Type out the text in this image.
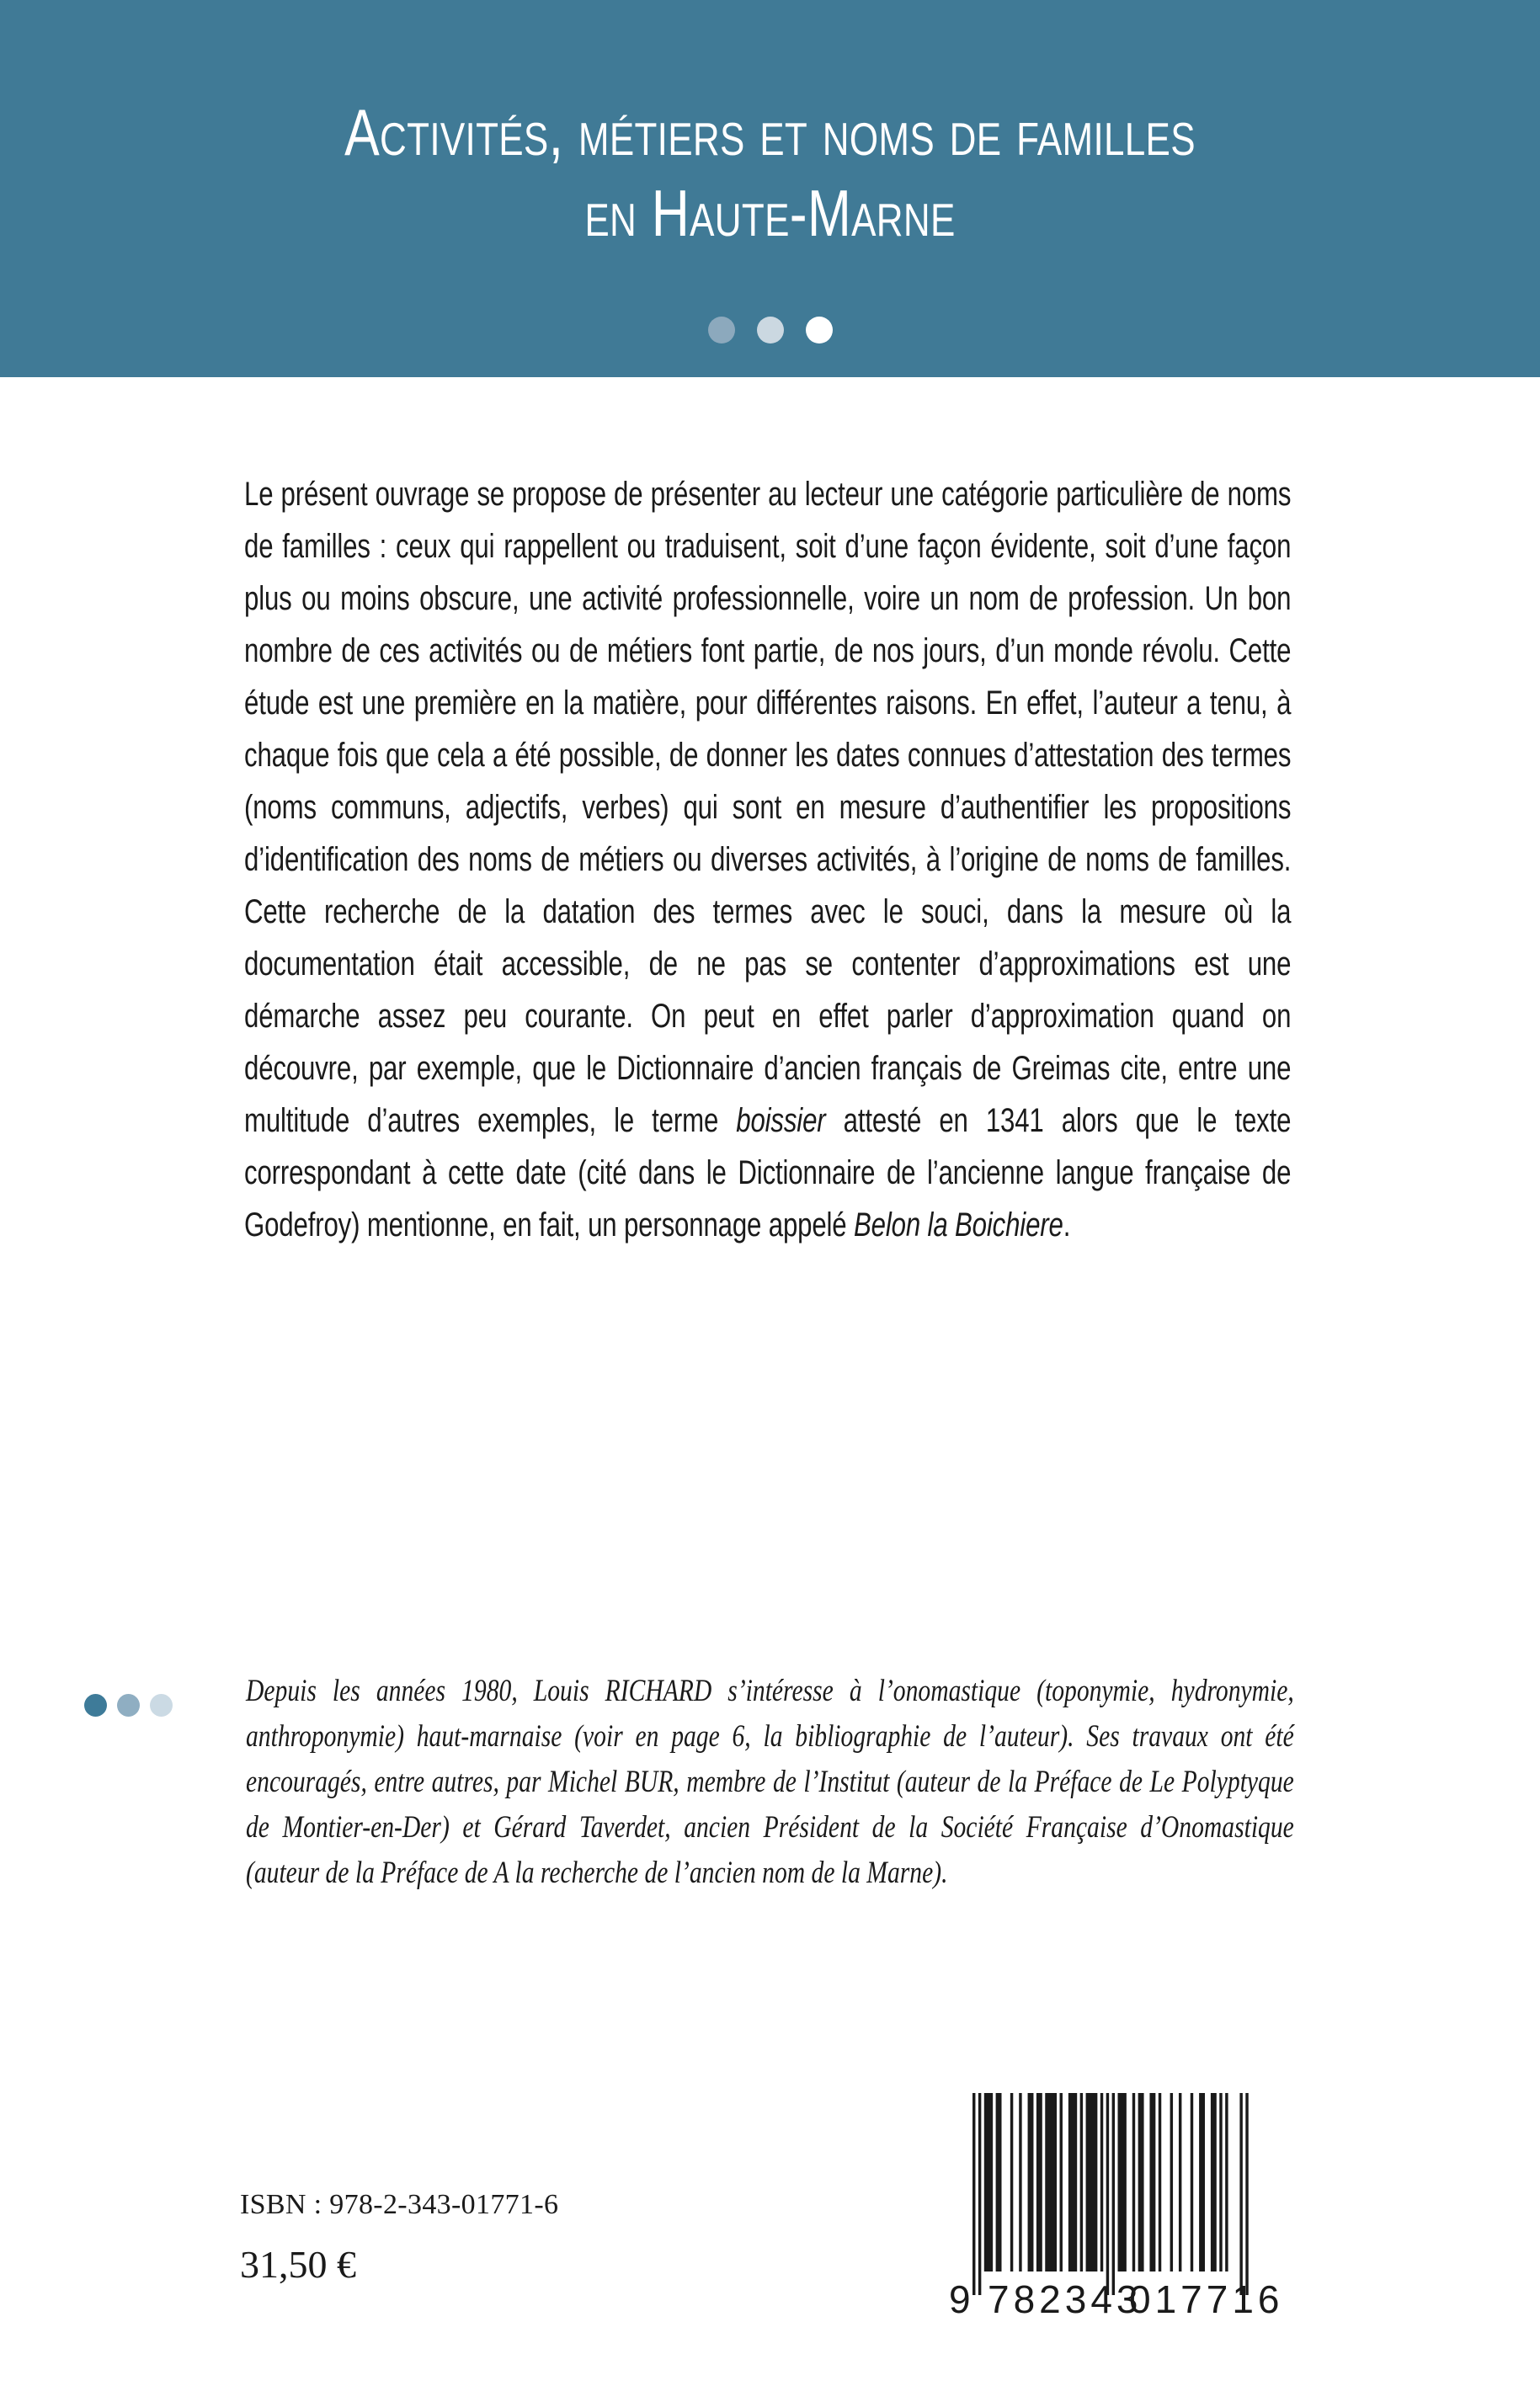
Activités, métiers et noms de familles
en Haute-Marne
Le présent ouvrage se propose de présenter au lecteur une catégorie particulière de noms de familles : ceux qui rappellent ou traduisent, soit d’une façon évidente, soit d’une façon plus ou moins obscure, une activité professionnelle, voire un nom de profession. Un bon nombre de ces activités ou de métiers font partie, de nos jours, d’un monde révolu. Cette étude est une première en la matière, pour différentes raisons. En effet, l’auteur a tenu, à chaque fois que cela a été possible, de donner les dates connues d’attestation des termes (noms communs, adjectifs, verbes) qui sont en mesure d’authentifier les propositions d’identification des noms de métiers ou diverses activités, à l’origine de noms de familles. Cette recherche de la datation des termes avec le souci, dans la mesure où la documentation était accessible, de ne pas se contenter d’approximations est une démarche assez peu courante. On peut en effet parler d’approximation quand on découvre, par exemple, que le Dictionnaire d’ancien français de Greimas cite, entre une multitude d’autres exemples, le terme boissier attesté en 1341 alors que le texte correspondant à cette date (cité dans le Dictionnaire de l’ancienne langue française de Godefroy) mentionne, en fait, un personnage appelé Belon la Boichiere.
Depuis les années 1980, Louis RICHARD s’intéresse à l’onomastique (toponymie, hydronymie, anthroponymie) haut-marnaise (voir en page 6, la bibliographie de l’auteur). Ses travaux ont été encouragés, entre autres, par Michel BUR, membre de l’Institut (auteur de la Préface de Le Polyptyque de Montier-en-Der) et Gérard Taverdet, ancien Président de la Société Française d’Onomastique (auteur de la Préface de A la recherche de l’ancien nom de la Marne).
ISBN : 978-2-343-01771-6
31,50 €
9 782343
017716
